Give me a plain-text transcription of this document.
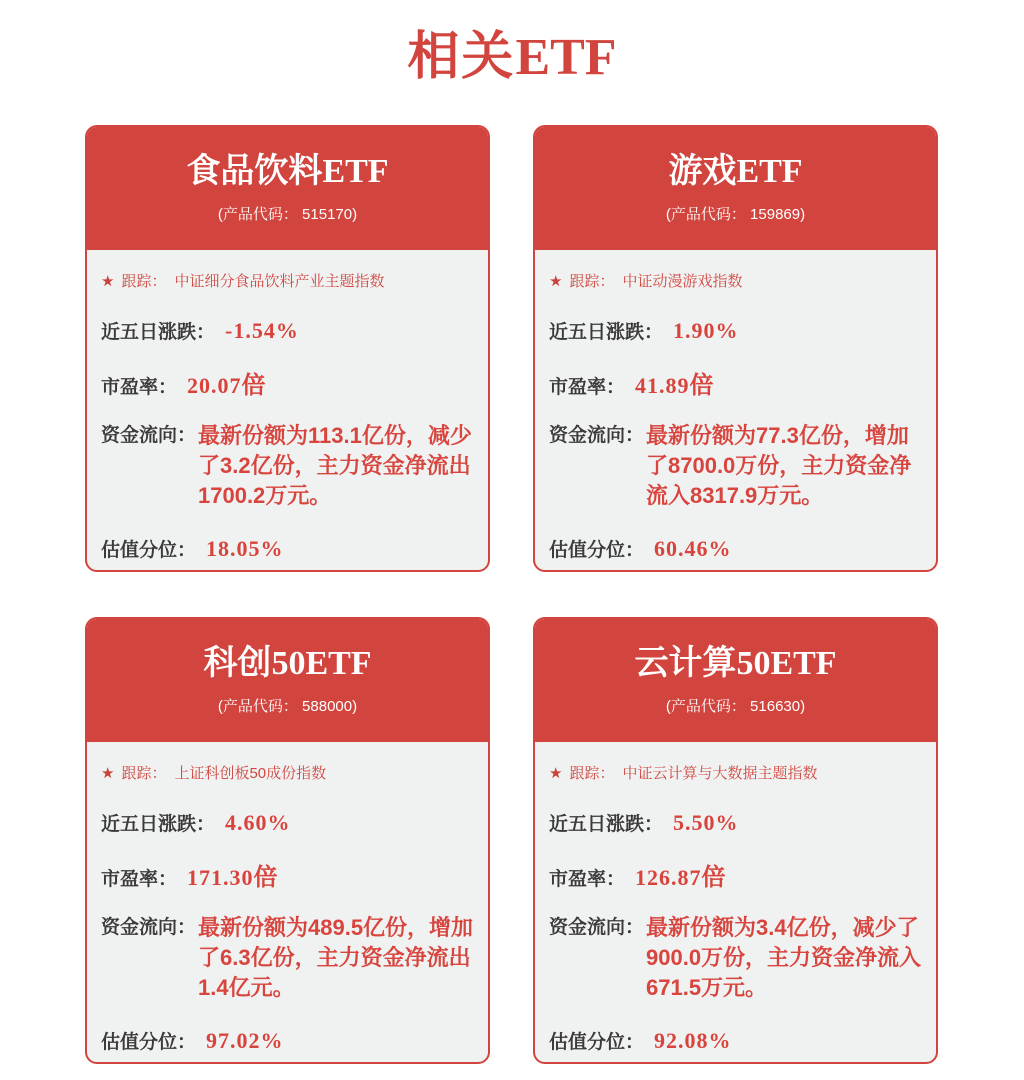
相关ETF
食品饮料ETF
(产品代码： 515170)
★ 跟踪： 中证细分食品饮料产业主题指数
近五日涨跌： -1.54%
市盈率： 20.07倍
资金流向： 最新份额为113.1亿份，减少了3.2亿份，主力资金净流出1700.2万元。
估值分位： 18.05%
游戏ETF
(产品代码： 159869)
★ 跟踪： 中证动漫游戏指数
近五日涨跌： 1.90%
市盈率： 41.89倍
资金流向： 最新份额为77.3亿份，增加了8700.0万份，主力资金净流入8317.9万元。
估值分位： 60.46%
科创50ETF
(产品代码： 588000)
★ 跟踪： 上证科创板50成份指数
近五日涨跌： 4.60%
市盈率： 171.30倍
资金流向： 最新份额为489.5亿份，增加了6.3亿份，主力资金净流出1.4亿元。
估值分位： 97.02%
云计算50ETF
(产品代码： 516630)
★ 跟踪： 中证云计算与大数据主题指数
近五日涨跌： 5.50%
市盈率： 126.87倍
资金流向： 最新份额为3.4亿份，减少了900.0万份，主力资金净流入671.5万元。
估值分位： 92.08%
